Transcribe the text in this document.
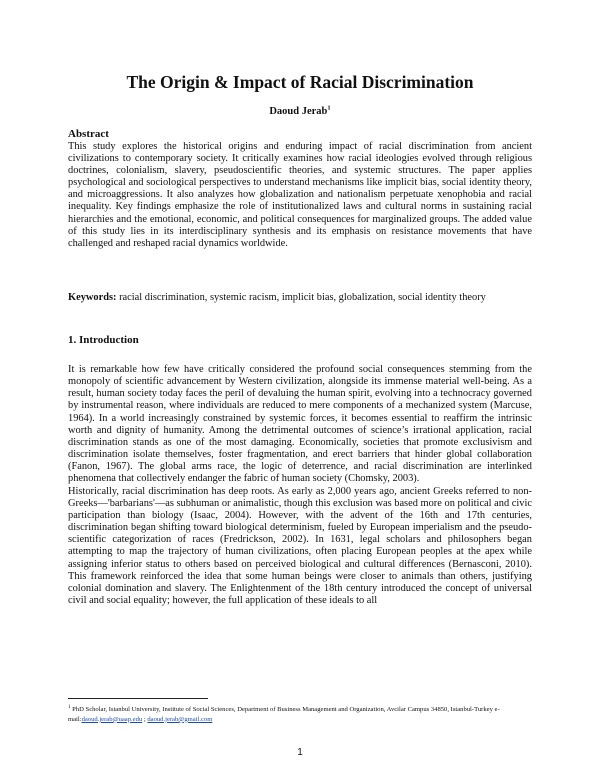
The Origin & Impact of Racial Discrimination
Daoud Jerab$^1$
Abstract

This study explores the historical origins and enduring impact of racial discrimination from ancient civilizations to contemporary society. It critically examines how racial ideologies evolved through religious doctrines, colonialism, slavery, pseudoscientific theories, and systemic structures. The paper applies psychological and sociological perspectives to understand mechanisms like implicit bias, social identity theory, and microaggressions. It also analyzes how globalization and nationalism perpetuate xenophobia and racial inequality. Key findings emphasize the role of institutionalized laws and cultural norms in sustaining racial hierarchies and the emotional, economic, and political consequences for marginalized groups. The added value of this study lies in its interdisciplinary synthesis and its emphasis on resistance movements that have challenged and reshaped racial dynamics worldwide.

Keywords: racial discrimination, systemic racism, implicit bias, globalization, social identity theory

1. Introduction

It is remarkable how few have critically considered the profound social consequences stemming from the monopoly of scientific advancement by Western civilization, alongside its immense material well-being. As a result, human society today faces the peril of devaluing the human spirit, evolving into a technocracy governed by instrumental reason, where individuals are reduced to mere components of a mechanized system (Marcuse, 1964). In a world increasingly constrained by systemic forces, it becomes essential to reaffirm the intrinsic worth and dignity of humanity. Among the detrimental outcomes of science’s irrational application, racial discrimination stands as one of the most damaging. Economically, societies that promote exclusivism and discrimination isolate themselves, foster fragmentation, and erect barriers that hinder global collaboration (Fanon, 1967). The global arms race, the logic of deterrence, and racial discrimination are interlinked phenomena that collectively endanger the fabric of human society (Chomsky, 2003).

Historically, racial discrimination has deep roots. As early as 2,000 years ago, ancient Greeks referred to non-Greeks—'barbarians'—as subhuman or animalistic, though this exclusion was based more on political and civic participation than biology (Isaac, 2004). However, with the advent of the 16th and 17th centuries, discrimination began shifting toward biological determinism, fueled by European imperialism and the pseudo-scientific categorization of races (Fredrickson, 2002). In 1631, legal scholars and philosophers began attempting to map the trajectory of human civilizations, often placing European peoples at the apex while assigning inferior status to others based on perceived biological and cultural differences (Bernasconi, 2010). This framework reinforced the idea that some human beings were closer to animals than others, justifying colonial domination and slavery. The Enlightenment of the 18th century introduced the concept of universal civil and social equality; however, the full application of these ideals to all

$^1$ PhD Scholar, Istanbul University, Institute of Social Sciences, Department of Business Management and Organization, Avcilar Campus 34850, Istanbul-Turkey e-mail:daoud.jerab@uaap.edu ; daoud.jerab@gmail.com

1
